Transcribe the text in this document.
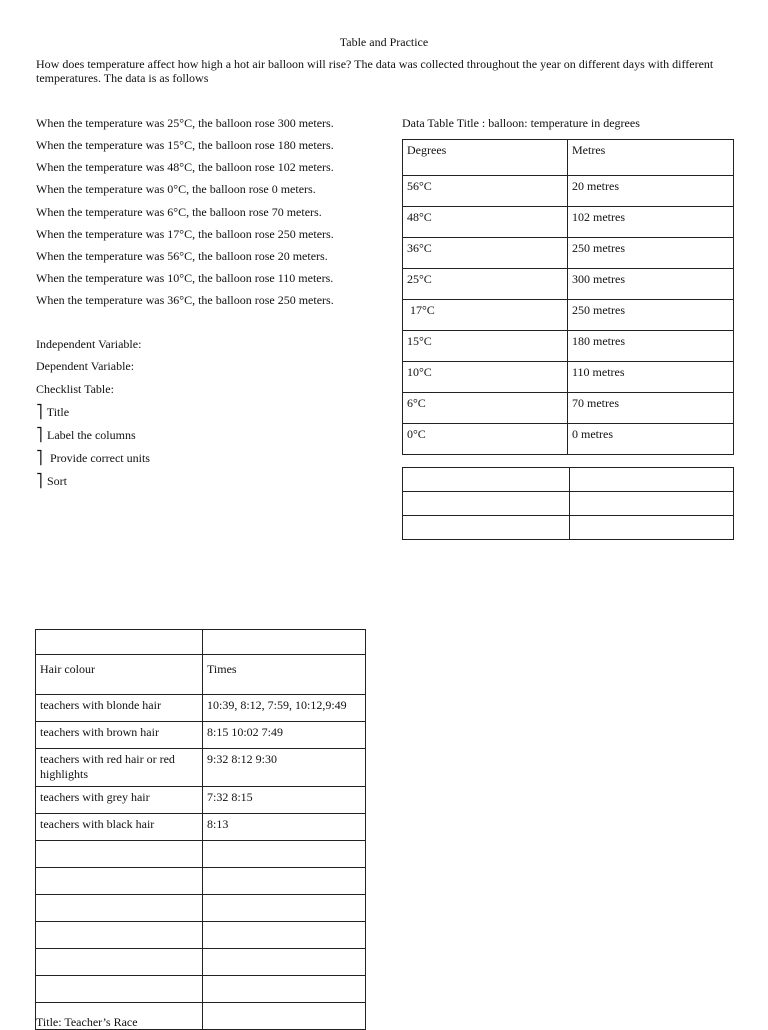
Table and Practice
How does temperature affect how high a hot air balloon will rise? The data was collected throughout the year on different days with different temperatures. The data is as follows
When the temperature was 25°C, the balloon rose 300 meters.
When the temperature was 15°C, the balloon rose 180 meters.
When the temperature was 48°C, the balloon rose 102 meters.
When the temperature was 0°C, the balloon rose 0 meters.
When the temperature was 6°C, the balloon rose 70 meters.
When the temperature was 17°C, the balloon rose 250 meters.
When the temperature was 56°C, the balloon rose 20 meters.
When the temperature was 10°C, the balloon rose 110 meters.
When the temperature was 36°C, the balloon rose 250 meters.
Independent Variable:
Dependent Variable:
Checklist Table:
⎤ Title
⎤ Label the columns
⎤ Provide correct units
⎤ Sort
Data Table Title : balloon: temperature in degrees
Degrees	Metres
56°C	20 metres
48°C	102 metres
36°C	250 metres
25°C	300 metres
17°C	250 metres
15°C	180 metres
10°C	110 metres
6°C	70 metres
0°C	0 metres

Hair colour	Times
teachers with blonde hair	10:39, 8:12, 7:59, 10:12,9:49
teachers with brown hair	8:15 10:02 7:49
teachers with red hair or red highlights	9:32 8:12 9:30
teachers with grey hair	7:32 8:15
teachers with black hair	8:13

Title: Teacher’s Race
